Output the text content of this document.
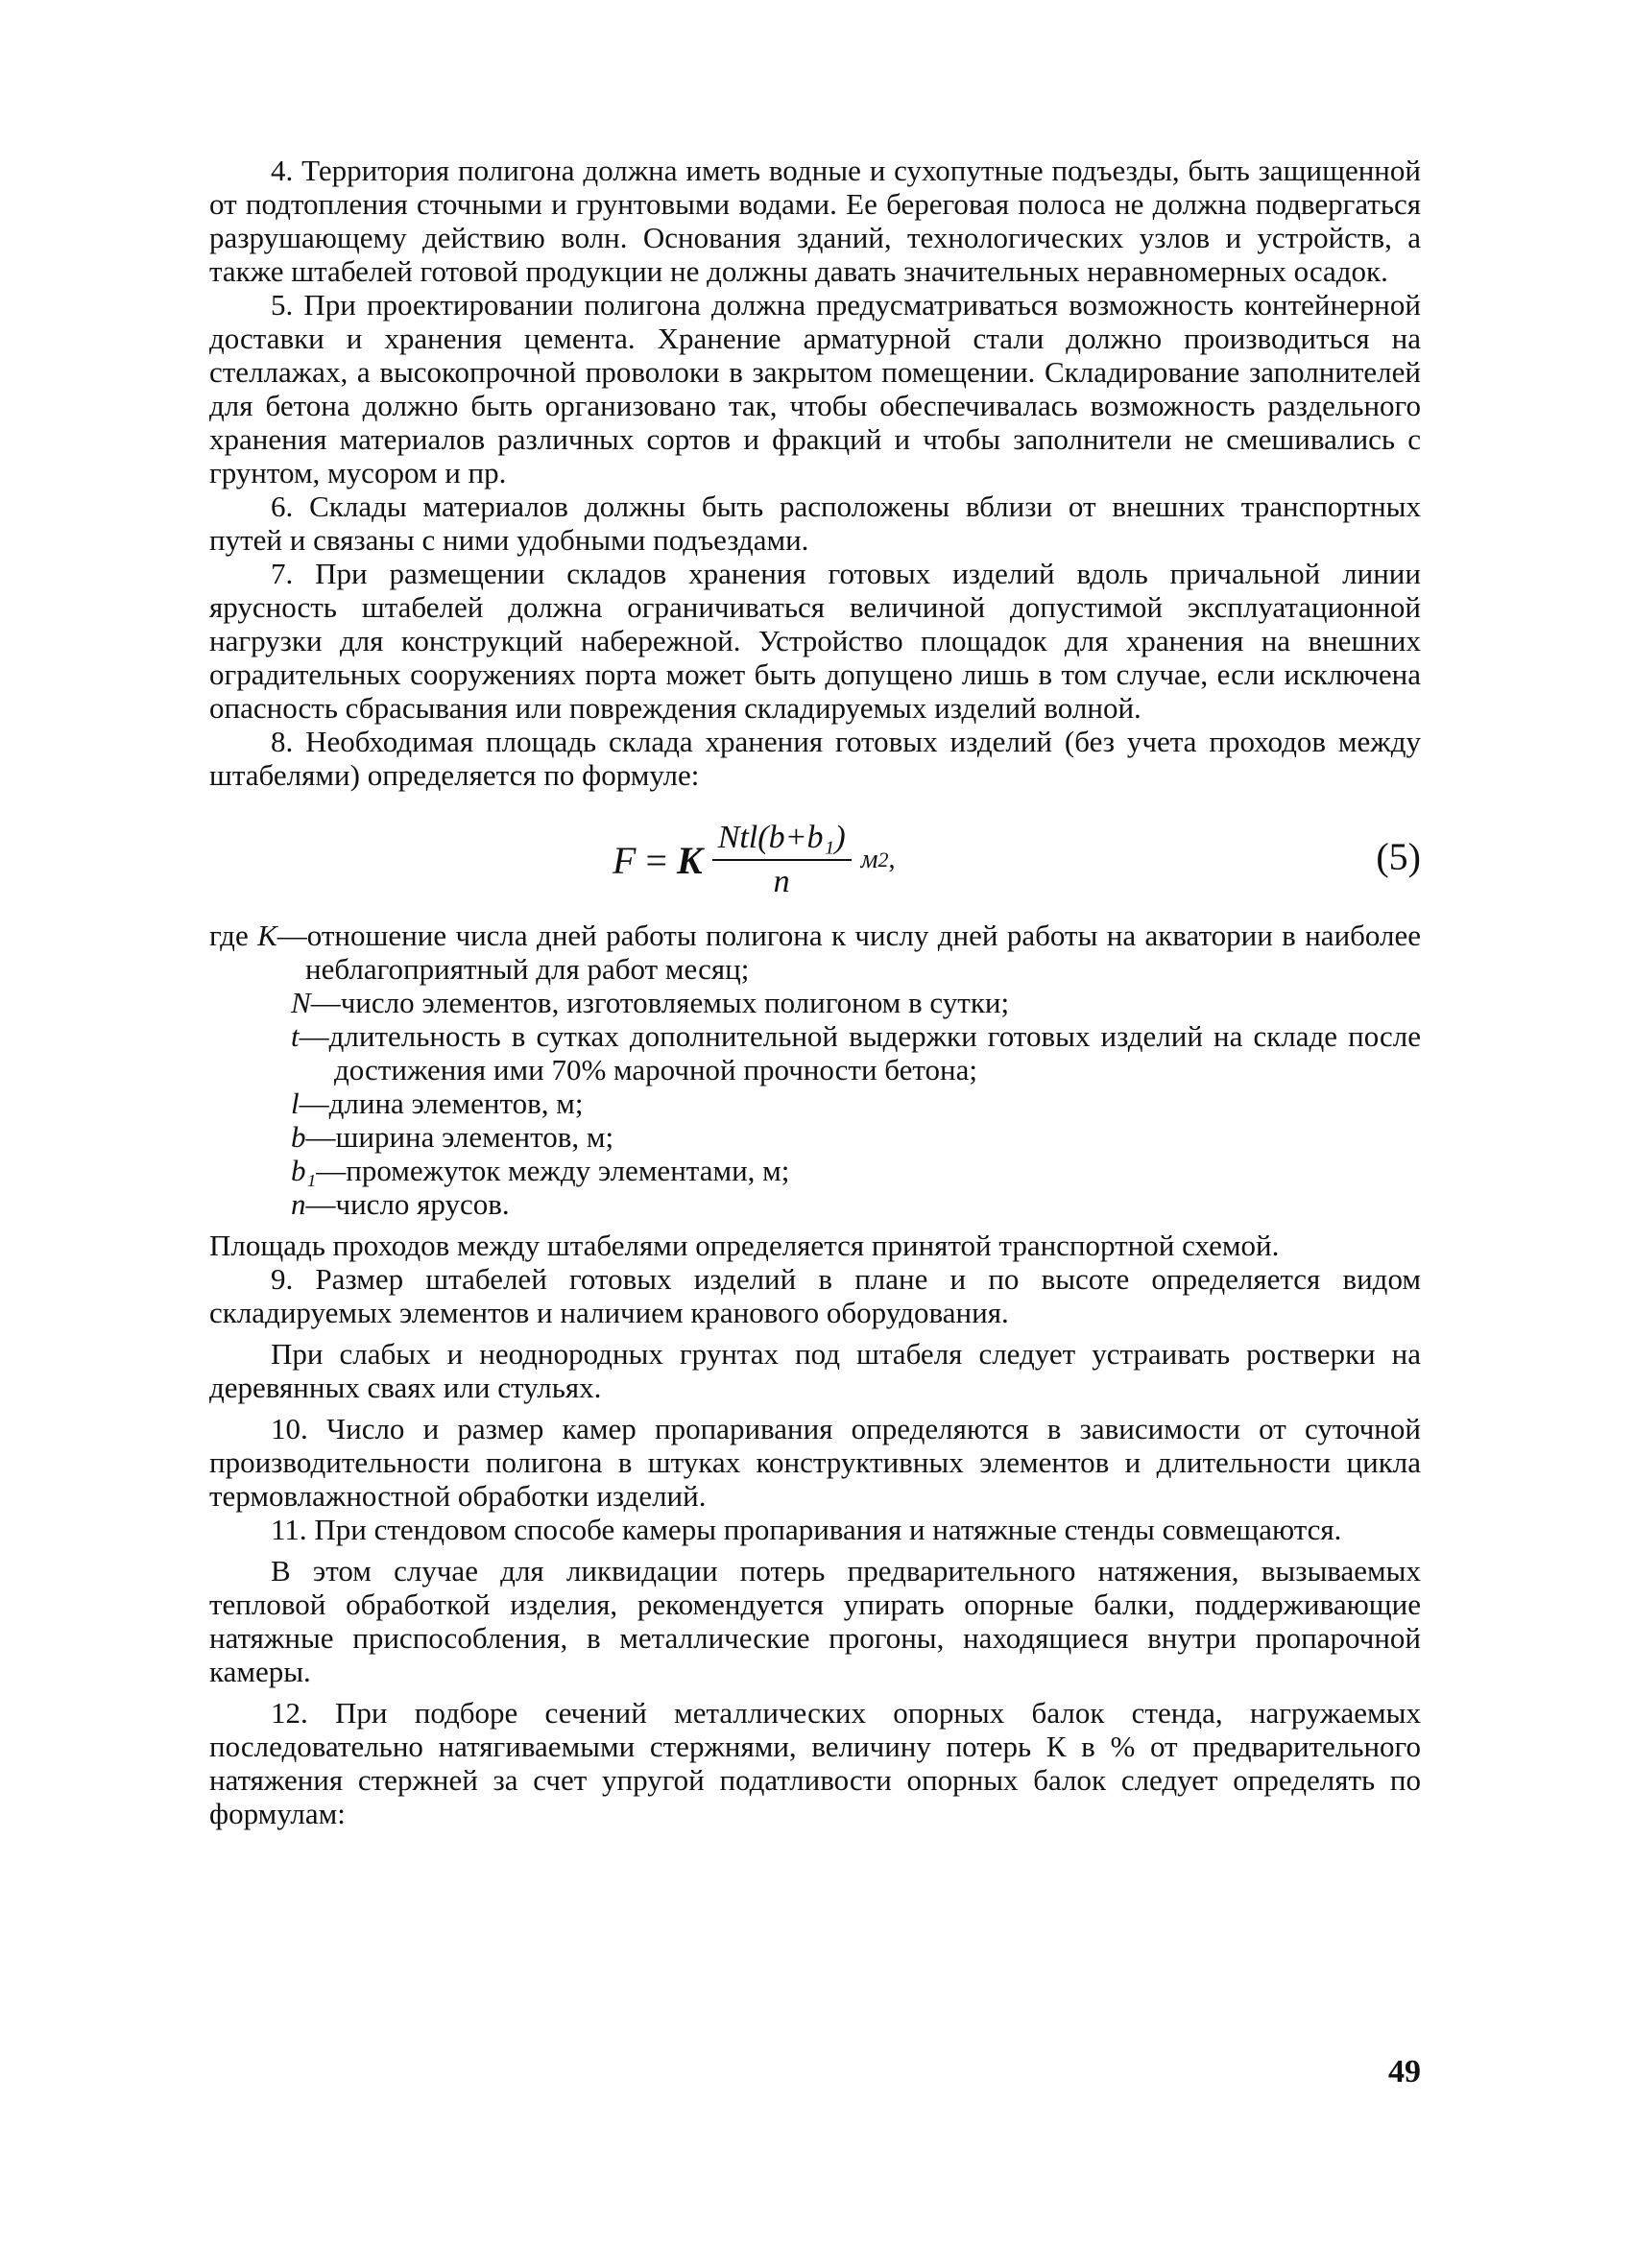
4. Территория полигона должна иметь водные и сухопутные подъезды, быть защищенной от подтопления сточными и грунтовыми водами. Ее береговая полоса не должна подвергаться разрушающему действию волн. Основания зданий, технологических узлов и устройств, а также штабелей готовой продукции не должны давать значительных неравномерных осадок.

5. При проектировании полигона должна предусматриваться возможность контейнерной доставки и хранения цемента. Хранение арматурной стали должно производиться на стеллажах, а высокопрочной проволоки в закрытом помещении. Складирование заполнителей для бетона должно быть организовано так, чтобы обеспечивалась возможность раздельного хранения материалов различных сортов и фракций и чтобы заполнители не смешивались с грунтом, мусором и пр.

6. Склады материалов должны быть расположены вблизи от внешних транспортных путей и связаны с ними удобными подъездами.

7. При размещении складов хранения готовых изделий вдоль причальной линии ярусность штабелей должна ограничиваться величиной допустимой эксплуатационной нагрузки для конструкций набережной. Устройство площадок для хранения на внешних оградительных сооружениях порта может быть допущено лишь в том случае, если исключена опасность сбрасывания или повреждения складируемых изделий волной.

8. Необходимая площадь склада хранения готовых изделий (без учета проходов между штабелями) определяется по формуле:

F = K $\frac{\text{Ntl(b+b₁)}}{n}$ м 2 ,	(5)
где K—отношение числа дней работы полигона к числу дней работы на акватории в наиболее неблагоприятный для работ месяц;
N—число элементов, изготовляемых полигоном в сутки;
t—длительность в сутках дополнительной выдержки готовых изделий на складе после достижения ими 70% марочной прочности бетона;
l—длина элементов, м;
b—ширина элементов, м;
b₁—промежуток между элементами, м;
n—число ярусов.

Площадь проходов между штабелями определяется принятой транспортной схемой.

9. Размер штабелей готовых изделий в плане и по высоте определяется видом складируемых элементов и наличием кранового оборудования.

При слабых и неоднородных грунтах под штабеля следует устраивать ростверки на деревянных сваях или стульях.

10. Число и размер камер пропаривания определяются в зависимости от суточной производительности полигона в штуках конструктивных элементов и длительности цикла термовлажностной обработки изделий.

11. При стендовом способе камеры пропаривания и натяжные стенды совмещаются.

В этом случае для ликвидации потерь предварительного натяжения, вызываемых тепловой обработкой изделия, рекомендуется упирать опорные балки, поддерживающие натяжные приспособления, в металлические прогоны, находящиеся внутри пропарочной камеры.

12. При подборе сечений металлических опорных балок стенда, нагружаемых последовательно натягиваемыми стержнями, величину потерь К в % от предварительного натяжения стержней за счет упругой податливости опорных балок следует определять по формулам:

49
